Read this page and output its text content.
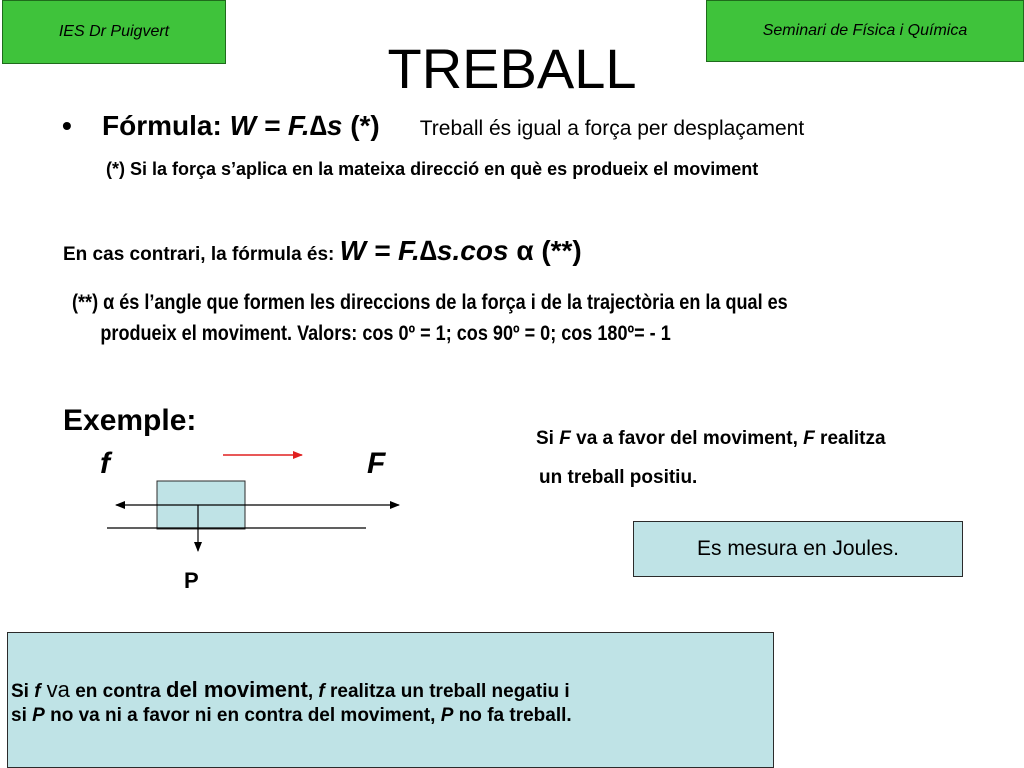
IES Dr Puigvert	Seminari de Física i Química
TREBALL
• Fórmula: W = F.∆s (*) Treball és igual a força per desplaçament
(*) Si la força s’aplica en la mateixa direcció en què es produeix el moviment
En cas contrari, la fórmula és: W = F.∆s.cos α (**)
(**) α és l’angle que formen les direccions de la força i de la trajectòria en la qual es
produeix el moviment. Valors: cos 0º = 1; cos 90º = 0; cos 180º= - 1
Exemple:
f	F
P
Si F va a favor del moviment, F realitza
un treball positiu.
Es mesura en Joules.
Si f va en contra del moviment, f realitza un treball negatiu i
si P no va ni a favor ni en contra del moviment, P no fa treball.
